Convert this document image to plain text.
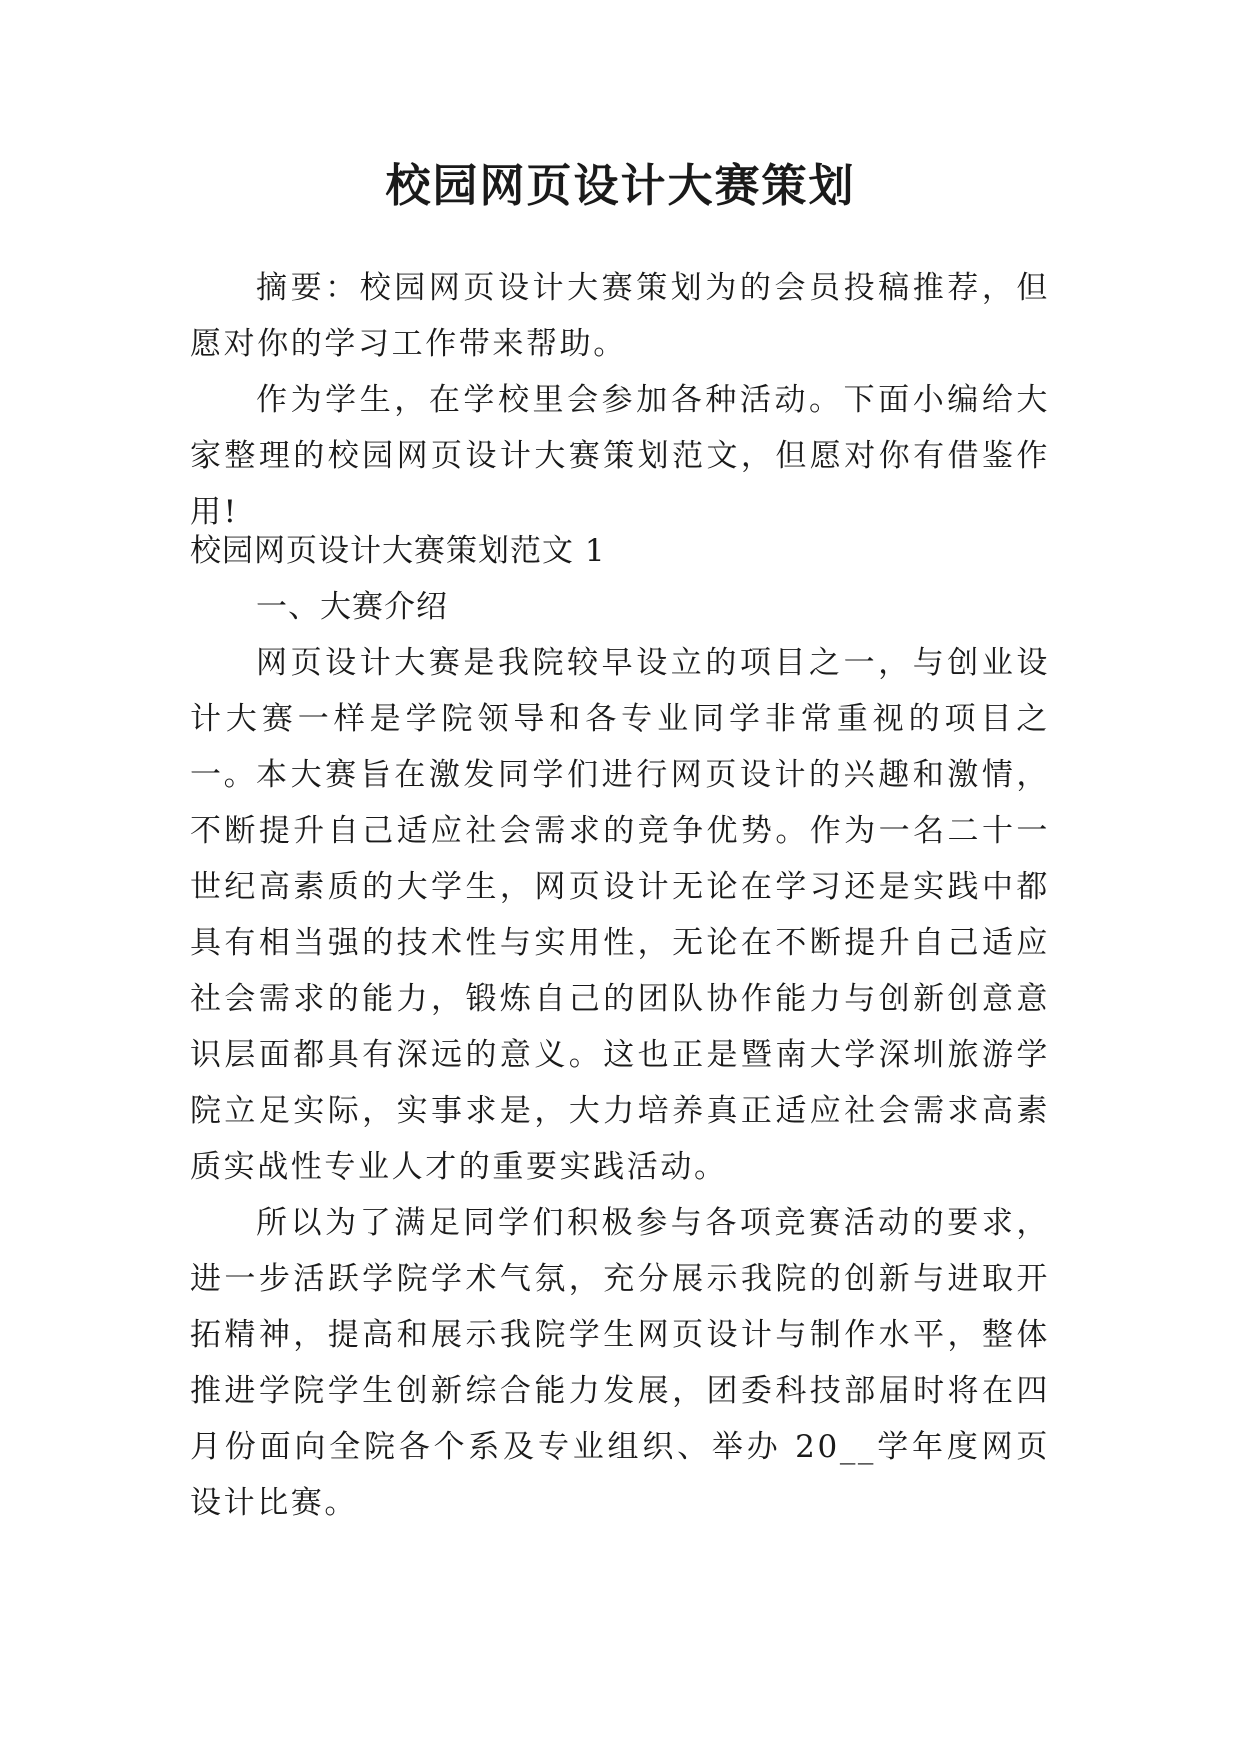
校园网页设计大赛策划

摘要：校园网页设计大赛策划为的会员投稿推荐，但愿对你的学习工作带来帮助。

作为学生，在学校里会参加各种活动。下面小编给大家整理的校园网页设计大赛策划范文，但愿对你有借鉴作用!

校园网页设计大赛策划范文 1

一、大赛介绍

网页设计大赛是我院较早设立的项目之一，与创业设计大赛一样是学院领导和各专业同学非常重视的项目之一。

本大赛旨在激发同学们进行网页设计的兴趣和激情，不断提升自己适应社会需求的竞争优势。作为一名二十一世纪高素质的大学生，网页设计无论在学习还是实践中都具有相当强的技术性与实用性，无论在不断提升自己适应社会需求的能力，锻炼自己的团队协作能力与创新创意意识层面都具有深远的意义。这也正是暨南大学深圳旅游学院立足实际，实事求是，大力培养真正适应社会需求高素质实战性专业人才的重要实践活动。

所以为了满足同学们积极参与各项竞赛活动的要求，进一步活跃学院学术气氛，充分展示我院的创新与进取开拓精神，提高和展示我院学生网页设计与制作水平，整体推进学院学生创新综合能力发展，团委科技部届时将在四月份面向全院各个系及专业组织、举办 20__学年度网页设计比赛。
